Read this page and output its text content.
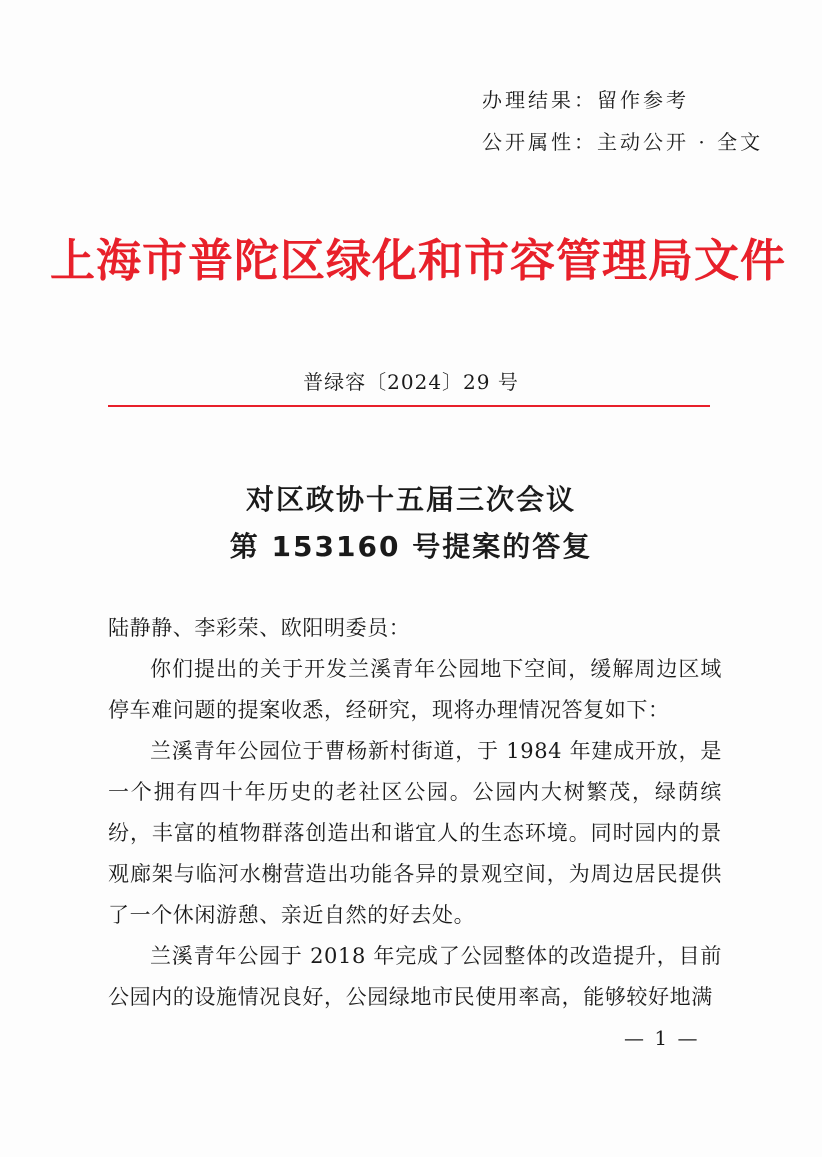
办理结果：留作参考
公开属性：主动公开 · 全文
上海市普陀区绿化和市容管理局文件
普绿容〔2024〕29 号
对区政协十五届三次会议
第 153160 号提案的答复

陆静静、李彩荣、欧阳明委员：

你们提出的关于开发兰溪青年公园地下空间，缓解周边区域停车难问题的提案收悉，经研究，现将办理情况答复如下：

兰溪青年公园位于曹杨新村街道，于 1984 年建成开放，是一个拥有四十年历史的老社区公园。公园内大树繁茂，绿荫缤纷，丰富的植物群落创造出和谐宜人的生态环境。同时园内的景观廊架与临河水榭营造出功能各异的景观空间，为周边居民提供了一个休闲游憩、亲近自然的好去处。

兰溪青年公园于 2018 年完成了公园整体的改造提升，目前公园内的设施情况良好，公园绿地市民使用率高，能够较好地满

— 1 —
